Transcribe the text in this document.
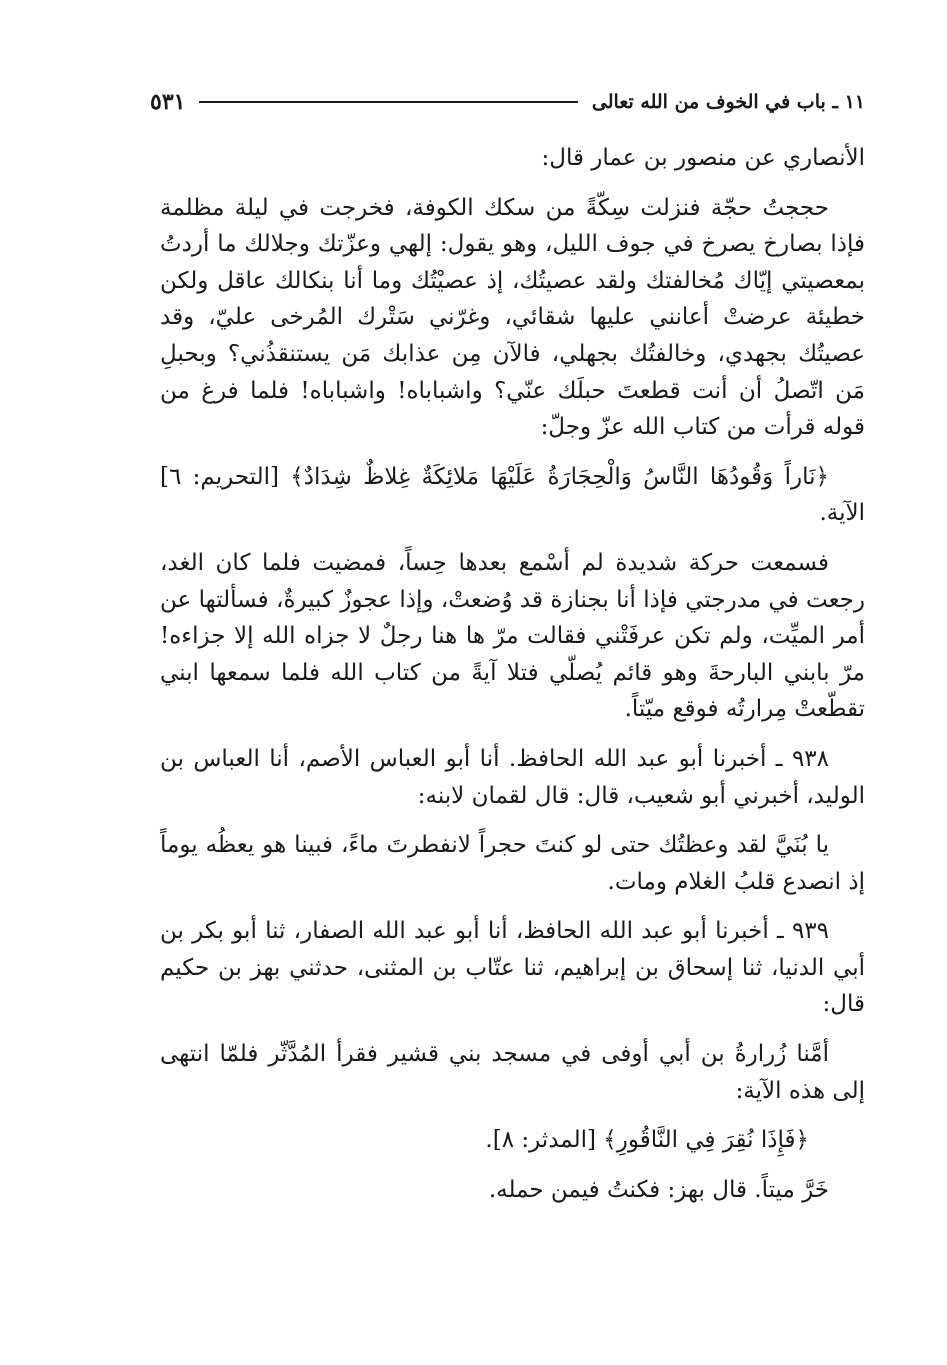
١١ ـ باب في الخوف من الله تعالى
٥٣١

الأنصاري عن منصور بن عمار قال:

حججتُ حجّة فنزلت سِكّةً من سكك الكوفة، فخرجت في ليلة مظلمة فإذا بصارخ يصرخ في جوف الليل، وهو يقول: إلهي وعزّتك وجلالك ما أردتُ بمعصيتي إيّاك مُخالفتك ولقد عصيتُك، إذ عصيْتُك وما أنا بنكالك عاقل ولكن خطيئة عرضتْ أعانني عليها شقائي، وغرّني سَتْرك المُرخى عليّ، وقد عصيتُك بجهدي، وخالفتُك بجهلي، فالآن مِن عذابك مَن يستنقذُني؟ وبحبلِ مَن اتّصلُ أن أنت قطعتَ حبلَك عنّي؟ واشباباه! واشباباه! فلما فرغ من قوله قرأت من كتاب الله عزّ وجلّ:

﴿نَاراً وَقُودُهَا النَّاسُ وَالْحِجَارَةُ عَلَيْهَا مَلائِكَةٌ غِلاظٌ شِدَادٌ﴾ [التحريم: ٦] الآية.

فسمعت حركة شديدة لم أسْمع بعدها حِساً، فمضيت فلما كان الغد، رجعت في مدرجتي فإذا أنا بجنازة قد وُضعتْ، وإذا عجوزٌ كبيرةٌ، فسألتها عن أمر الميِّت، ولم تكن عرفَتْني فقالت مرّ ها هنا رجلٌ لا جزاه الله إلا جزاءه! مرّ بابني البارحةَ وهو قائم يُصلّي فتلا آيةً من كتاب الله فلما سمعها ابني تقطّعتْ مِرارتُه فوقع ميّتاً.

٩٣٨ ـ أخبرنا أبو عبد الله الحافظ. أنا أبو العباس الأصم، أنا العباس بن الوليد، أخبرني أبو شعيب، قال: قال لقمان لابنه:

يا بُنَيَّ لقد وعظتُك حتى لو كنتَ حجراً لانفطرتَ ماءً، فبينا هو يعظُه يوماً إذ انصدع قلبُ الغلام ومات.

٩٣٩ ـ أخبرنا أبو عبد الله الحافظ، أنا أبو عبد الله الصفار، ثنا أبو بكر بن أبي الدنيا، ثنا إسحاق بن إبراهيم، ثنا عتّاب بن المثنى، حدثني بهز بن حكيم قال:

أمَّنا زُرارةُ بن أبي أوفى في مسجد بني قشير فقرأ المُدَّثّر فلمّا انتهى إلى هذه الآية:

﴿فَإِذَا نُقِرَ فِي النَّاقُورِ﴾ [المدثر: ٨].

خَرَّ ميتاً. قال بهز: فكنتُ فيمن حمله.
